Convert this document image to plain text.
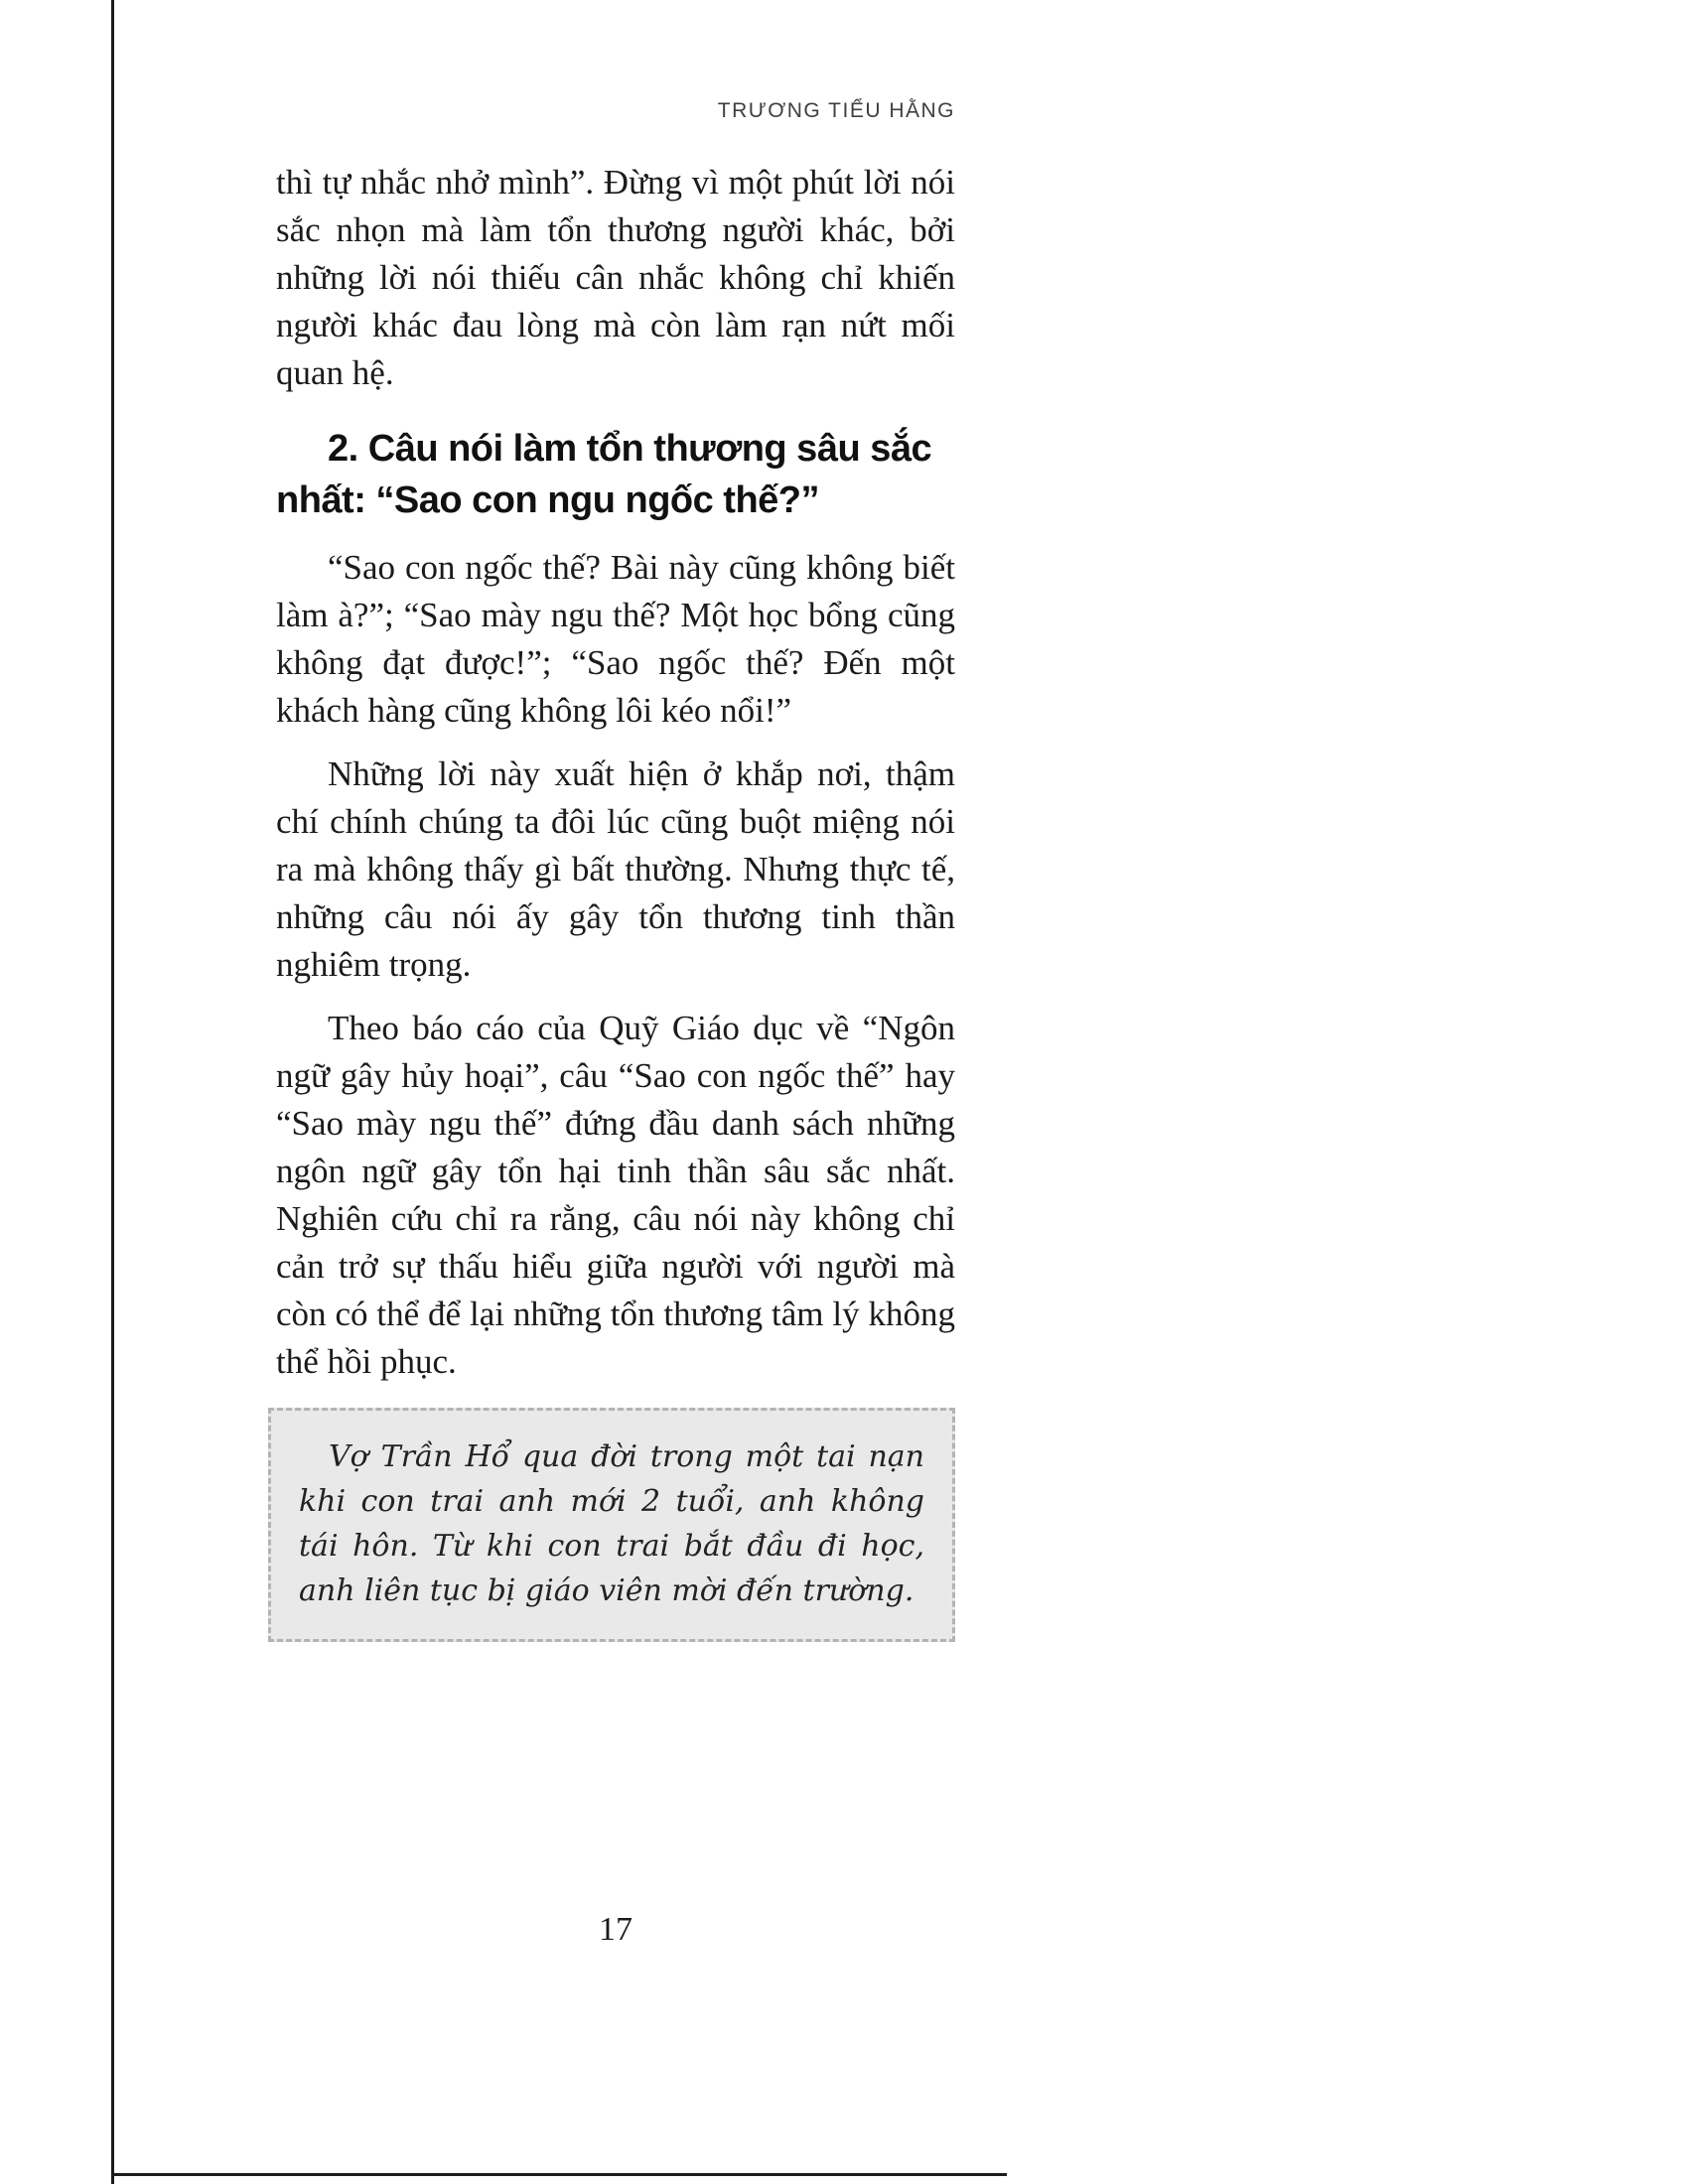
TRƯƠNG TIỂU HẰNG

thì tự nhắc nhở mình”. Đừng vì một phút lời nói sắc nhọn mà làm tổn thương người khác, bởi những lời nói thiếu cân nhắc không chỉ khiến người khác đau lòng mà còn làm rạn nứt mối quan hệ.

2. Câu nói làm tổn thương sâu sắc nhất: “Sao con ngu ngốc thế?”

“Sao con ngốc thế? Bài này cũng không biết làm à?”; “Sao mày ngu thế? Một học bổng cũng không đạt được!”; “Sao ngốc thế? Đến một khách hàng cũng không lôi kéo nổi!”

Những lời này xuất hiện ở khắp nơi, thậm chí chính chúng ta đôi lúc cũng buột miệng nói ra mà không thấy gì bất thường. Nhưng thực tế, những câu nói ấy gây tổn thương tinh thần nghiêm trọng.

Theo báo cáo của Quỹ Giáo dục về “Ngôn ngữ gây hủy hoại”, câu “Sao con ngốc thế” hay “Sao mày ngu thế” đứng đầu danh sách những ngôn ngữ gây tổn hại tinh thần sâu sắc nhất. Nghiên cứu chỉ ra rằng, câu nói này không chỉ cản trở sự thấu hiểu giữa người với người mà còn có thể để lại những tổn thương tâm lý không thể hồi phục.

Vợ Trần Hổ qua đời trong một tai nạn khi con trai anh mới 2 tuổi, anh không tái hôn. Từ khi con trai bắt đầu đi học, anh liên tục bị giáo viên mời đến trường.

17
